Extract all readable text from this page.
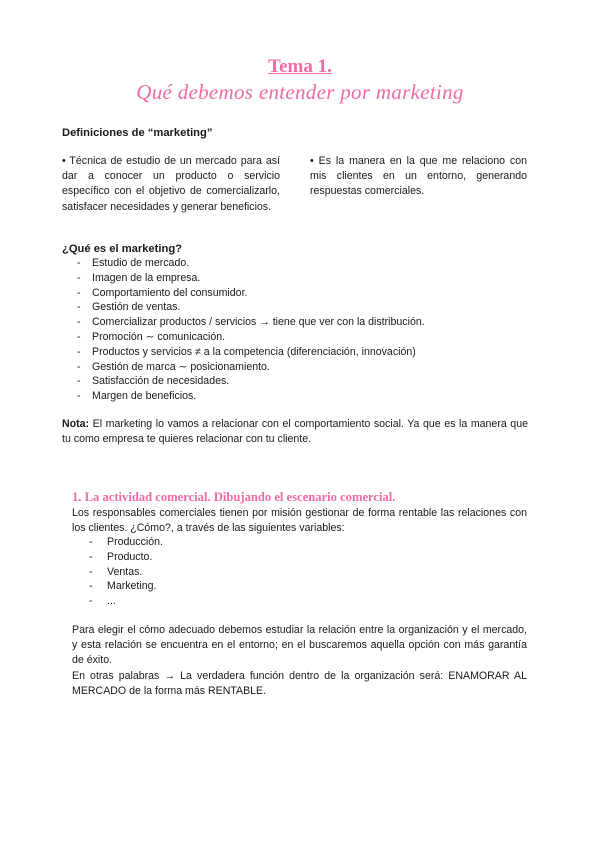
Tema 1.
Qué debemos entender por marketing
Definiciones de “marketing”
• Técnica de estudio de un mercado para así dar a conocer un producto o servicio específico con el objetivo de comercializarlo, satisfacer necesidades y generar beneficios.
• Es la manera en la que me relaciono con mis clientes en un entorno, generando respuestas comerciales.
¿Qué es el marketing?
- Estudio de mercado.
- Imagen de la empresa.
- Comportamiento del consumidor.
- Gestión de ventas.
- Comercializar productos / servicios → tiene que ver con la distribución.
- Promoción ∼ comunicación.
- Productos y servicios ≠ a la competencia (diferenciación, innovación)
- Gestión de marca ∼ posicionamiento.
- Satisfacción de necesidades.
- Margen de beneficios.
Nota: El marketing lo vamos a relacionar con el comportamiento social. Ya que es la manera que tu como empresa te quieres relacionar con tu cliente.
1. La actividad comercial. Dibujando el escenario comercial.
Los responsables comerciales tienen por misión gestionar de forma rentable las relaciones con los clientes. ¿Cómo?, a través de las siguientes variables:
- Producción.
- Producto.
- Ventas.
- Marketing.
- ...
Para elegir el cómo adecuado debemos estudiar la relación entre la organización y el mercado, y esta relación se encuentra en el entorno; en el buscaremos aquella opción con más garantía de éxito.
En otras palabras → La verdadera función dentro de la organización será: ENAMORAR AL MERCADO de la forma más RENTABLE.
